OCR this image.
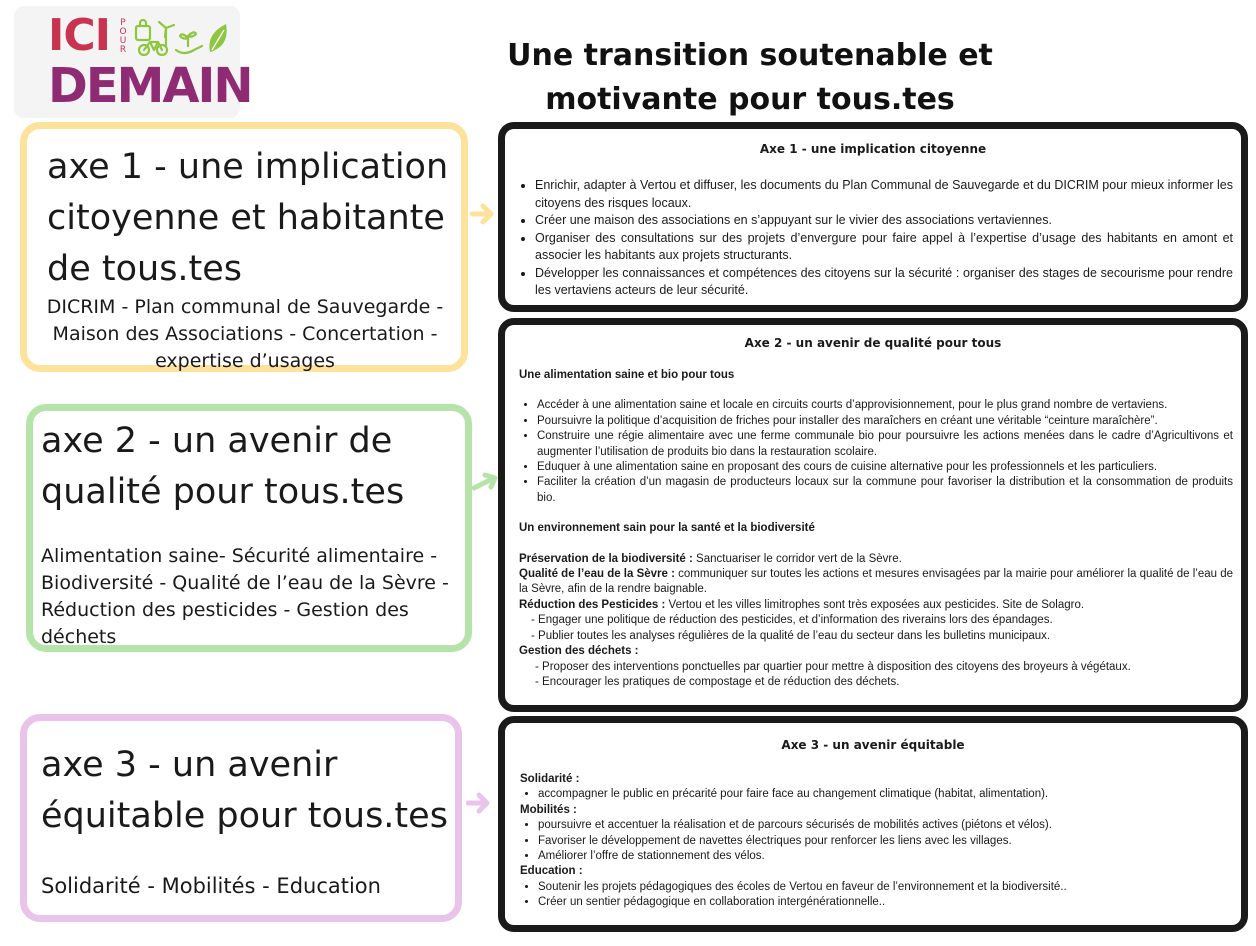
ICI POUR
DEMAIN
Une transition soutenable et
motivante pour tous.tes
axe 1 - une implication
citoyenne et habitante
de tous.tes
DICRIM - Plan communal de Sauvegarde -
Maison des Associations - Concertation -
expertise d’usages
Axe 1 - une implication citoyenne
• Enrichir, adapter à Vertou et diffuser, les documents du Plan Communal de Sauvegarde et du DICRIM pour mieux informer les citoyens des risques locaux.
• Créer une maison des associations en s’appuyant sur le vivier des associations vertaviennes.
• Organiser des consultations sur des projets d’envergure pour faire appel à l’expertise d’usage des habitants en amont et associer les habitants aux projets structurants.
• Développer les connaissances et compétences des citoyens sur la sécurité : organiser des stages de secourisme pour rendre les vertaviens acteurs de leur sécurité.
axe 2 - un avenir de
qualité pour tous.tes
Alimentation saine- Sécurité alimentaire -
Biodiversité - Qualité de l’eau de la Sèvre -
Réduction des pesticides - Gestion des
déchets
Axe 2 - un avenir de qualité pour tous
Une alimentation saine et bio pour tous
• Accéder à une alimentation saine et locale en circuits courts d’approvisionnement, pour le plus grand nombre de vertaviens.
• Poursuivre la politique d’acquisition de friches pour installer des maraîchers en créant une véritable “ceinture maraîchère”.
• Construire une régie alimentaire avec une ferme communale bio pour poursuivre les actions menées dans le cadre d’Agricultivons et augmenter l’utilisation de produits bio dans la restauration scolaire.
• Eduquer à une alimentation saine en proposant des cours de cuisine alternative pour les professionnels et les particuliers.
• Faciliter la création d’un magasin de producteurs locaux sur la commune pour favoriser la distribution et la consommation de produits bio.
Un environnement sain pour la santé et la biodiversité
Préservation de la biodiversité : Sanctuariser le corridor vert de la Sèvre.
Qualité de l’eau de la Sèvre : communiquer sur toutes les actions et mesures envisagées par la mairie pour améliorer la qualité de l’eau de la Sèvre, afin de la rendre baignable.
Réduction des Pesticides : Vertou et les villes limitrophes sont très exposées aux pesticides. Site de Solagro.
- Engager une politique de réduction des pesticides, et d’information des riverains lors des épandages.
- Publier toutes les analyses régulières de la qualité de l’eau du secteur dans les bulletins municipaux.
Gestion des déchets :
- Proposer des interventions ponctuelles par quartier pour mettre à disposition des citoyens des broyeurs à végétaux.
- Encourager les pratiques de compostage et de réduction des déchets.
axe 3 - un avenir
équitable pour tous.tes
Solidarité - Mobilités - Education
Axe 3 - un avenir équitable
Solidarité :
• accompagner le public en précarité pour faire face au changement climatique (habitat, alimentation).
Mobilités :
• poursuivre et accentuer la réalisation et de parcours sécurisés de mobilités actives (piétons et vélos).
• Favoriser le développement de navettes électriques pour renforcer les liens avec les villages.
• Améliorer l’offre de stationnement des vélos.
Education :
• Soutenir les projets pédagogiques des écoles de Vertou en faveur de l’environnement et la biodiversité..
• Créer un sentier pédagogique en collaboration intergénérationnelle..
